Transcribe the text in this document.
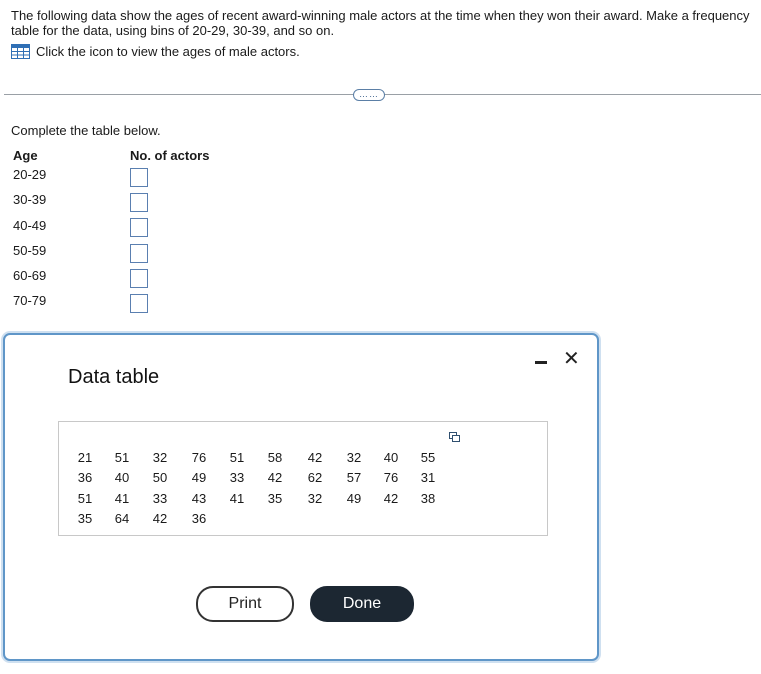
The following data show the ages of recent award-winning male actors at the time when they won their award. Make a frequency table for the data, using bins of 20-29, 30-39, and so on.
Click the icon to view the ages of male actors.
……
Complete the table below.
Age	No. of actors
20-29
30-39
40-49
50-59
60-69
70-79
Data table
✕
21	51	32	76	51	58	42	32	40	55
36	40	50	49	33	42	62	57	76	31
51	41	33	43	41	35	32	49	42	38
35	64	42	36
Print	Done
